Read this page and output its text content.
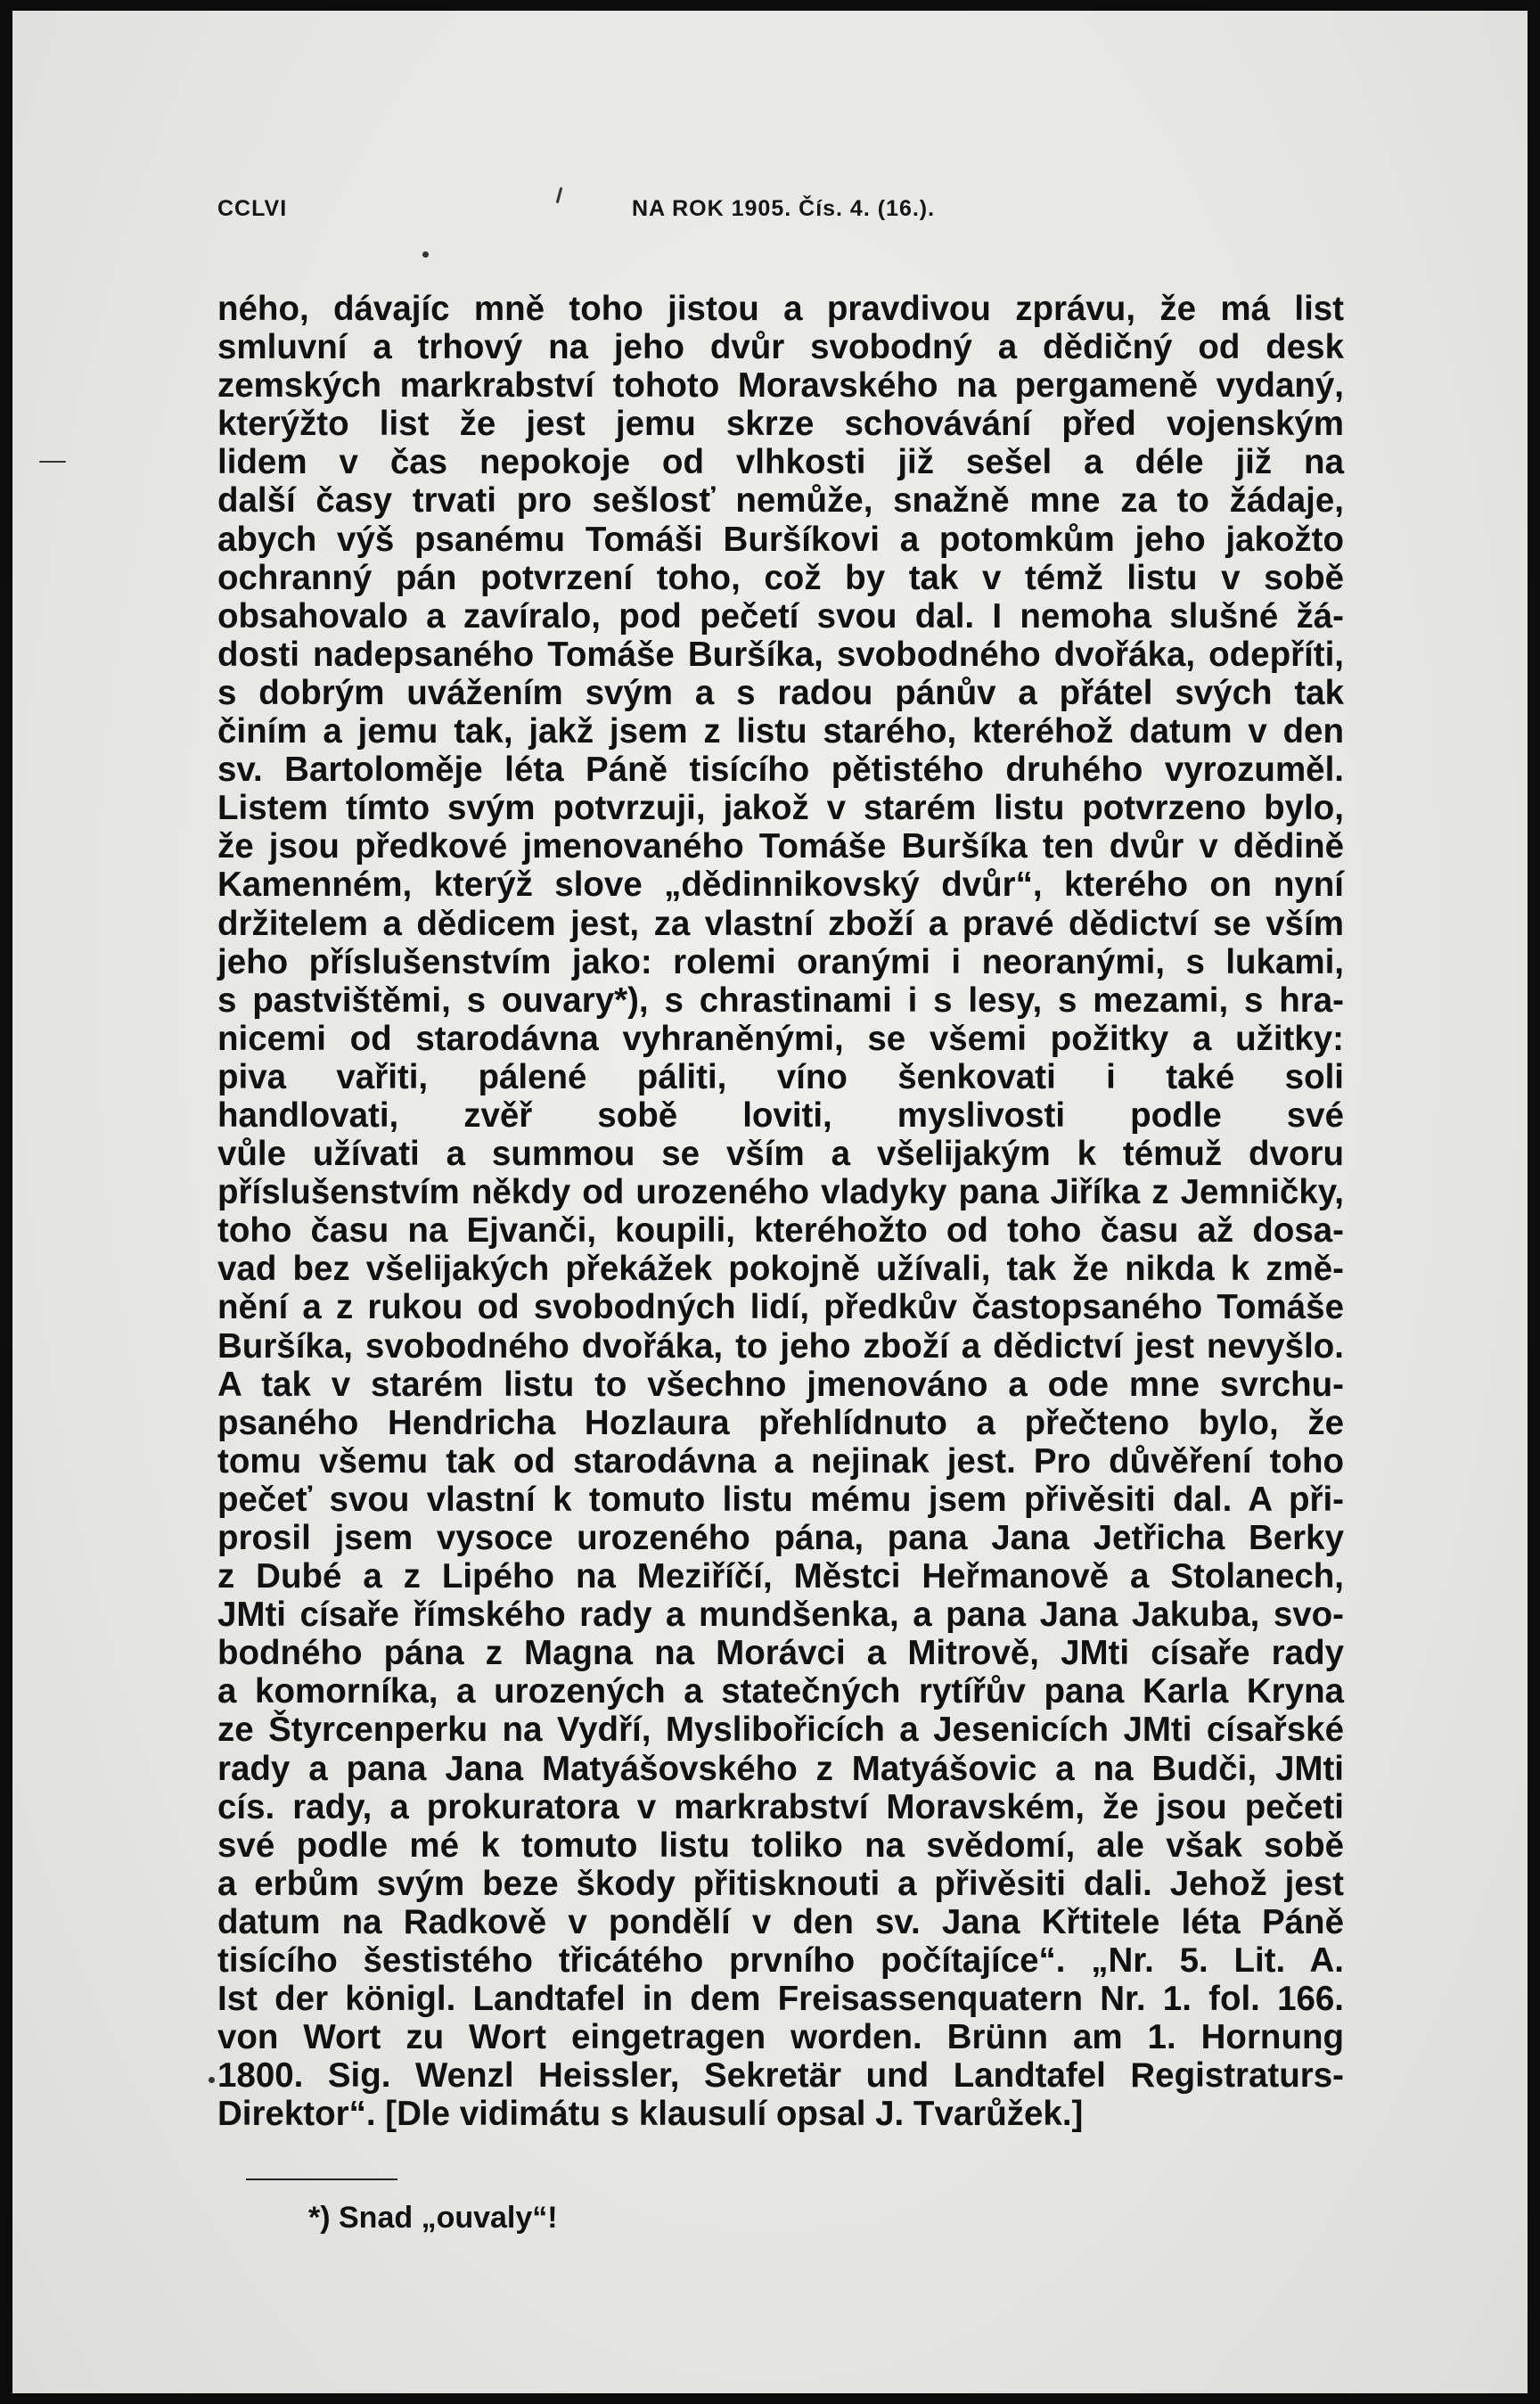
CCLVI	NA ROK 1905. Čís. 4. (16.).
ného, dávajíc mně toho jistou a pravdivou zprávu, že má list
smluvní a trhový na jeho dvůr svobodný a dědičný od desk
zemských markrabství tohoto Moravského na pergameně vydaný,
kterýžto list že jest jemu skrze schovávání před vojenským
lidem v čas nepokoje od vlhkosti již sešel a déle již na
další časy trvati pro sešlosť nemůže, snažně mne za to žádaje,
abych výš psanému Tomáši Buršíkovi a potomkům jeho jakožto
ochranný pán potvrzení toho, což by tak v témž listu v sobě
obsahovalo a zavíralo, pod pečetí svou dal. I nemoha slušné žá-
dosti nadepsaného Tomáše Buršíka, svobodného dvořáka, odepříti,
s dobrým uvážením svým a s radou pánův a přátel svých tak
činím a jemu tak, jakž jsem z listu starého, kteréhož datum v den
sv. Bartoloměje léta Páně tisícího pětistého druhého vyrozuměl.
Listem tímto svým potvrzuji, jakož v starém listu potvrzeno bylo,
že jsou předkové jmenovaného Tomáše Buršíka ten dvůr v dědině
Kamenném, kterýž slove „dědinnikovský dvůr“, kterého on nyní
držitelem a dědicem jest, za vlastní zboží a pravé dědictví se vším
jeho příslušenstvím jako: rolemi oranými i neoranými, s lukami,
s pastvištěmi, s ouvary*), s chrastinami i s lesy, s mezami, s hra-
nicemi od starodávna vyhraněnými, se všemi požitky a užitky:
piva vařiti, pálené páliti, víno šenkovati i také soli
handlovati, zvěř sobě loviti, myslivosti podle své
vůle užívati a summou se vším a všelijakým k témuž dvoru
příslušenstvím někdy od urozeného vladyky pana Jiříka z Jemničky,
toho času na Ejvanči, koupili, kteréhožto od toho času až dosa-
vad bez všelijakých překážek pokojně užívali, tak že nikda k změ-
nění a z rukou od svobodných lidí, předkův častopsaného Tomáše
Buršíka, svobodného dvořáka, to jeho zboží a dědictví jest nevyšlo.
A tak v starém listu to všechno jmenováno a ode mne svrchu-
psaného Hendricha Hozlaura přehlídnuto a přečteno bylo, že
tomu všemu tak od starodávna a nejinak jest. Pro důvěření toho
pečeť svou vlastní k tomuto listu mému jsem přivěsiti dal. A při-
prosil jsem vysoce urozeného pána, pana Jana Jetřicha Berky
z Dubé a z Lipého na Meziříčí, Městci Heřmanově a Stolanech,
JMti císaře římského rady a mundšenka, a pana Jana Jakuba, svo-
bodného pána z Magna na Morávci a Mitrově, JMti císaře rady
a komorníka, a urozených a statečných rytířův pana Karla Kryna
ze Štyrcenperku na Vydří, Myslibořicích a Jesenicích JMti císařské
rady a pana Jana Matyášovského z Matyášovic a na Budči, JMti
cís. rady, a prokuratora v markrabství Moravském, že jsou pečeti
své podle mé k tomuto listu toliko na svědomí, ale však sobě
a erbům svým beze škody přitisknouti a přivěsiti dali. Jehož jest
datum na Radkově v pondělí v den sv. Jana Křtitele léta Páně
tisícího šestistého třicátého prvního počítajíce“. „Nr. 5. Lit. A.
Ist der königl. Landtafel in dem Freisassenquatern Nr. 1. fol. 166.
von Wort zu Wort eingetragen worden. Brünn am 1. Hornung
1800. Sig. Wenzl Heissler, Sekretär und Landtafel Registraturs-
Direktor“. [Dle vidimátu s klausulí opsal J. Tvarůžek.]
*) Snad „ouvaly“!
